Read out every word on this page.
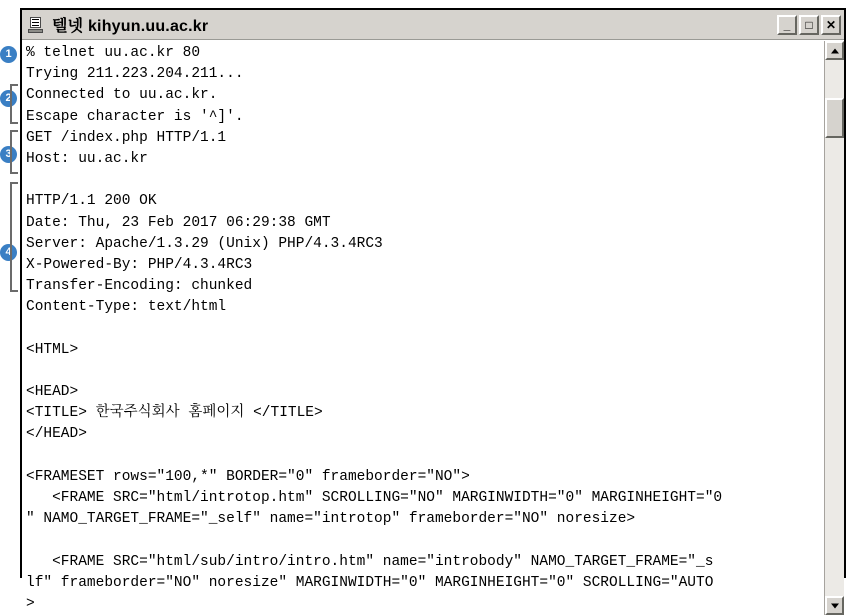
1
2
3
4
텔넷 kihyun.uu.ac.kr	_	□	✕
% telnet uu.ac.kr 80
Trying 211.223.204.211...
Connected to uu.ac.kr.
Escape character is '^]'.
GET /index.php HTTP/1.1
Host: uu.ac.kr
HTTP/1.1 200 OK
Date: Thu, 23 Feb 2017 06:29:38 GMT
Server: Apache/1.3.29 (Unix) PHP/4.3.4RC3
X-Powered-By: PHP/4.3.4RC3
Transfer-Encoding: chunked
Content-Type: text/html
<HTML>
<HEAD>
<TITLE> 한국주식회사 홈페이지 </TITLE>
</HEAD>
<FRAMESET rows="100,*" BORDER="0" frameborder="NO">
<FRAME SRC="html/introtop.htm" SCROLLING="NO" MARGINWIDTH="0" MARGINHEIGHT="0
" NAMO_TARGET_FRAME="_self" name="introtop" frameborder="NO" noresize>
<FRAME SRC="html/sub/intro/intro.htm" name="introbody" NAMO_TARGET_FRAME="_s
lf" frameborder="NO" noresize" MARGINWIDTH="0" MARGINHEIGHT="0" SCROLLING="AUTO
>
